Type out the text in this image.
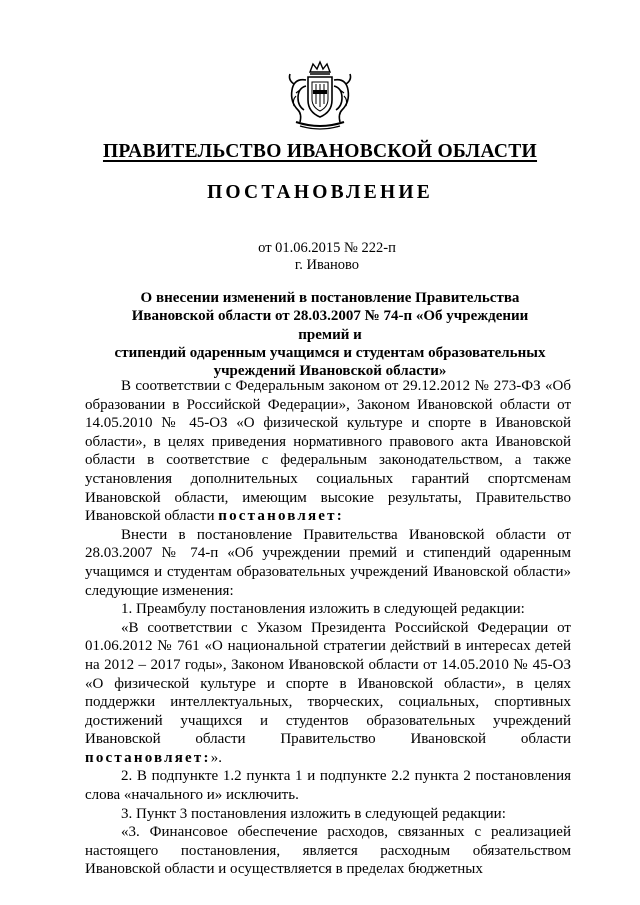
ПРАВИТЕЛЬСТВО ИВАНОВСКОЙ ОБЛАСТИ
ПОСТАНОВЛЕНИЕ
от 01.06.2015 № 222-п
г. Иваново
О внесении изменений в постановление Правительства
Ивановской области от 28.03.2007 № 74-п «Об учреждении премий и
стипендий одаренным учащимся и студентам образовательных
учреждений Ивановской области»

В соответствии с Федеральным законом от 29.12.2012 № 273-ФЗ «Об образовании в Российской Федерации», Законом Ивановской области от 14.05.2010 № 45-ОЗ «О физической культуре и спорте в Ивановской области», в целях приведения нормативного правового акта Ивановской области в соответствие с федеральным законодательством, а также установления дополнительных социальных гарантий спортсменам Ивановской области, имеющим высокие результаты, Правительство Ивановской области постановляет:

Внести в постановление Правительства Ивановской области от 28.03.2007 № 74-п «Об учреждении премий и стипендий одаренным учащимся и студентам образовательных учреждений Ивановской области» следующие изменения:

1. Преамбулу постановления изложить в следующей редакции:

«В соответствии с Указом Президента Российской Федерации от 01.06.2012 № 761 «О национальной стратегии действий в интересах детей на 2012 – 2017 годы», Законом Ивановской области от 14.05.2010 № 45-ОЗ «О физической культуре и спорте в Ивановской области», в целях поддержки интеллектуальных, творческих, социальных, спортивных достижений учащихся и студентов образовательных учреждений Ивановской области Правительство Ивановской области постановляет:».

2. В подпункте 1.2 пункта 1 и подпункте 2.2 пункта 2 постановления слова «начального и» исключить.

3. Пункт 3 постановления изложить в следующей редакции:

«3. Финансовое обеспечение расходов, связанных с реализацией настоящего постановления, является расходным обязательством Ивановской области и осуществляется в пределах бюджетных
